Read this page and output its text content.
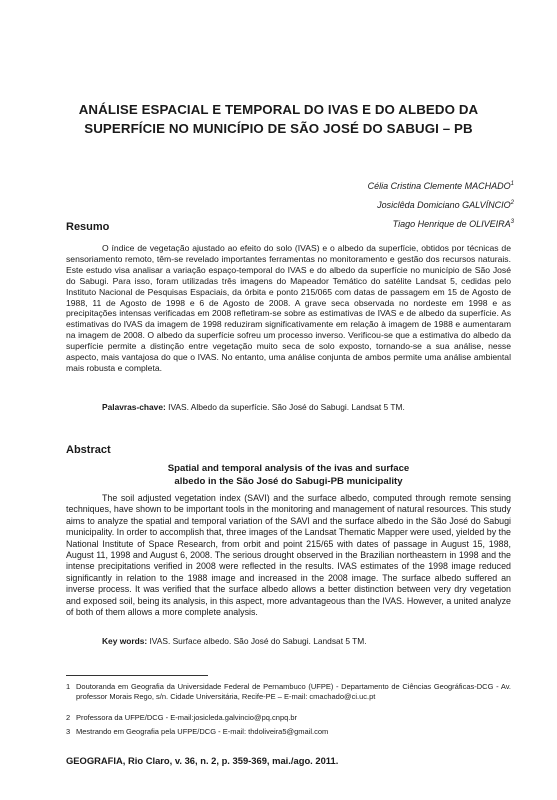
ANÁLISE ESPACIAL E TEMPORAL DO IVAS E DO ALBEDO DA
SUPERFÍCIE NO MUNICÍPIO DE SÃO JOSÉ DO SABUGI – PB
Célia Cristina Clemente MACHADO$^1$
Josiclêda Domiciano GALVÍNCIO$^2$
Tiago Henrique de OLIVEIRA$^3$
Resumo
O índice de vegetação ajustado ao efeito do solo (IVAS) e o albedo da superfície, obtidos por técnicas de sensoriamento remoto, têm-se revelado importantes ferramentas no monitoramento e gestão dos recursos naturais. Este estudo visa analisar a variação espaço-temporal do IVAS e do albedo da superfície no município de São José do Sabugi. Para isso, foram utilizadas três imagens do Mapeador Temático do satélite Landsat 5, cedidas pelo Instituto Nacional de Pesquisas Espaciais, da órbita e ponto 215/065 com datas de passagem em 15 de Agosto de 1988, 11 de Agosto de 1998 e 6 de Agosto de 2008. A grave seca observada no nordeste em 1998 e as precipitações intensas verificadas em 2008 refletiram-se sobre as estimativas de IVAS e de albedo da superfície. As estimativas do IVAS da imagem de 1998 reduziram significativamente em relação à imagem de 1988 e aumentaram na imagem de 2008. O albedo da superfície sofreu um processo inverso. Verificou-se que a estimativa do albedo da superfície permite a distinção entre vegetação muito seca de solo exposto, tornando-se a sua análise, nesse aspecto, mais vantajosa do que o IVAS. No entanto, uma análise conjunta de ambos permite uma análise ambiental mais robusta e completa.
Palavras-chave: IVAS. Albedo da superfície. São José do Sabugi. Landsat 5 TM.
Abstract
Spatial and temporal analysis of the ivas and surface
albedo in the São José do Sabugi-PB municipality
The soil adjusted vegetation index (SAVI) and the surface albedo, computed through remote sensing techniques, have shown to be important tools in the monitoring and management of natural resources. This study aims to analyze the spatial and temporal variation of the SAVI and the surface albedo in the São José do Sabugi municipality. In order to accomplish that, three images of the Landsat Thematic Mapper were used, yielded by the National Institute of Space Research, from orbit and point 215/65 with dates of passage in August 15, 1988, August 11, 1998 and August 6, 2008. The serious drought observed in the Brazilian northeastern in 1998 and the intense precipitations verified in 2008 were reflected in the results. IVAS estimates of the 1998 image reduced significantly in relation to the 1988 image and increased in the 2008 image. The surface albedo suffered an inverse process. It was verified that the surface albedo allows a better distinction between very dry vegetation and exposed soil, being its analysis, in this aspect, more advantageous than the IVAS. However, a united analyze of both of them allows a more complete analysis.
Key words: IVAS. Surface albedo. São José do Sabugi. Landsat 5 TM.
1 Doutoranda em Geografia da Universidade Federal de Pernambuco (UFPE) - Departamento de Ciências Geográficas-DCG - Av. professor Morais Rego, s/n. Cidade Universitária, Recife-PE – E-mail: cmachado@ci.uc.pt
2 Professora da UFPE/DCG - E-mail:josicleda.galvincio@pq.cnpq.br
3 Mestrando em Geografia pela UFPE/DCG - E-mail: thdoliveira5@gmail.com
GEOGRAFIA, Rio Claro, v. 36, n. 2, p. 359-369, mai./ago. 2011.
